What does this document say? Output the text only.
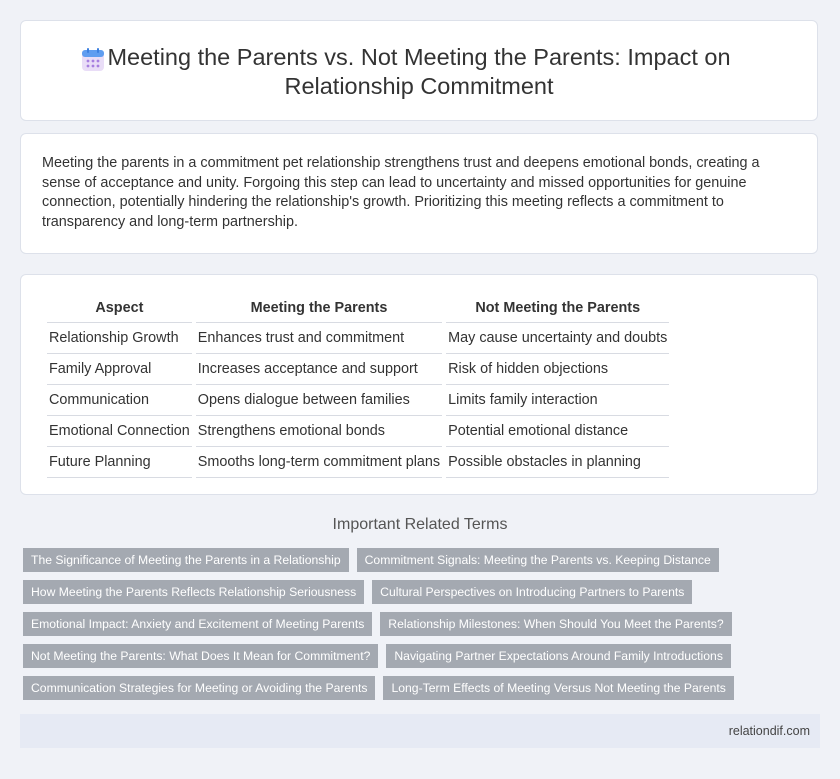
Meeting the Parents vs. Not Meeting the Parents: Impact on Relationship Commitment

Meeting the parents in a commitment pet relationship strengthens trust and deepens emotional bonds, creating a sense of acceptance and unity. Forgoing this step can lead to uncertainty and missed opportunities for genuine connection, potentially hindering the relationship's growth. Prioritizing this meeting reflects a commitment to transparency and long-term partnership.

Aspect	Meeting the Parents	Not Meeting the Parents
Relationship Growth	Enhances trust and commitment	May cause uncertainty and doubts
Family Approval	Increases acceptance and support	Risk of hidden objections
Communication	Opens dialogue between families	Limits family interaction
Emotional Connection	Strengthens emotional bonds	Potential emotional distance
Future Planning	Smooths long-term commitment plans	Possible obstacles in planning
Important Related Terms
The Significance of Meeting the Parents in a Relationship	Commitment Signals: Meeting the Parents vs. Keeping Distance
How Meeting the Parents Reflects Relationship Seriousness	Cultural Perspectives on Introducing Partners to Parents
Emotional Impact: Anxiety and Excitement of Meeting Parents	Relationship Milestones: When Should You Meet the Parents?
Not Meeting the Parents: What Does It Mean for Commitment?	Navigating Partner Expectations Around Family Introductions
Communication Strategies for Meeting or Avoiding the Parents	Long-Term Effects of Meeting Versus Not Meeting the Parents
relationdif.com
